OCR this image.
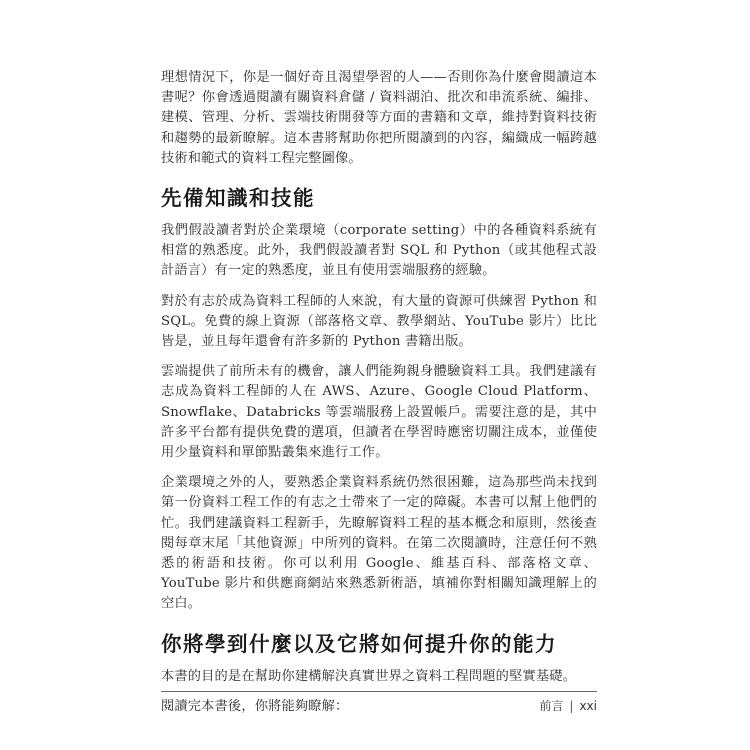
理想情況下，你是一個好奇且渴望學習的人——否則你為什麼會閱讀這本書呢？你會透過閱讀有關資料倉儲 / 資料湖泊、批次和串流系統、編排、建模、管理、分析、雲端技術開發等方面的書籍和文章，維持對資料技術和趨勢的最新瞭解。這本書將幫助你把所閱讀到的內容，編織成一幅跨越技術和範式的資料工程完整圖像。

先備知識和技能

我們假設讀者對於企業環境（corporate setting）中的各種資料系統有相當的熟悉度。此外，我們假設讀者對 SQL 和 Python（或其他程式設計語言）有一定的熟悉度，並且有使用雲端服務的經驗。

對於有志於成為資料工程師的人來說，有大量的資源可供練習 Python 和 SQL。免費的線上資源（部落格文章、教學網站、YouTube 影片）比比皆是，並且每年還會有許多新的 Python 書籍出版。

雲端提供了前所未有的機會，讓人們能夠親身體驗資料工具。我們建議有志成為資料工程師的人在 AWS、Azure、Google Cloud Platform、Snowflake、Databricks 等雲端服務上設置帳戶。需要注意的是，其中許多平台都有提供免費的選項，但讀者在學習時應密切關注成本，並僅使用少量資料和單節點叢集來進行工作。

企業環境之外的人，要熟悉企業資料系統仍然很困難，這為那些尚未找到第一份資料工程工作的有志之士帶來了一定的障礙。本書可以幫上他們的忙。我們建議資料工程新手，先瞭解資料工程的基本概念和原則，然後查閱每章末尾「其他資源」中所列的資料。在第二次閱讀時，注意任何不熟悉的術語和技術。你可以利用 Google、維基百科、部落格文章、YouTube 影片和供應商網站來熟悉新術語，填補你對相關知識理解上的空白。

你將學到什麼以及它將如何提升你的能力

本書的目的是在幫助你建構解決真實世界之資料工程問題的堅實基礎。

閱讀完本書後，你將能夠瞭解：	前言 | xxi
